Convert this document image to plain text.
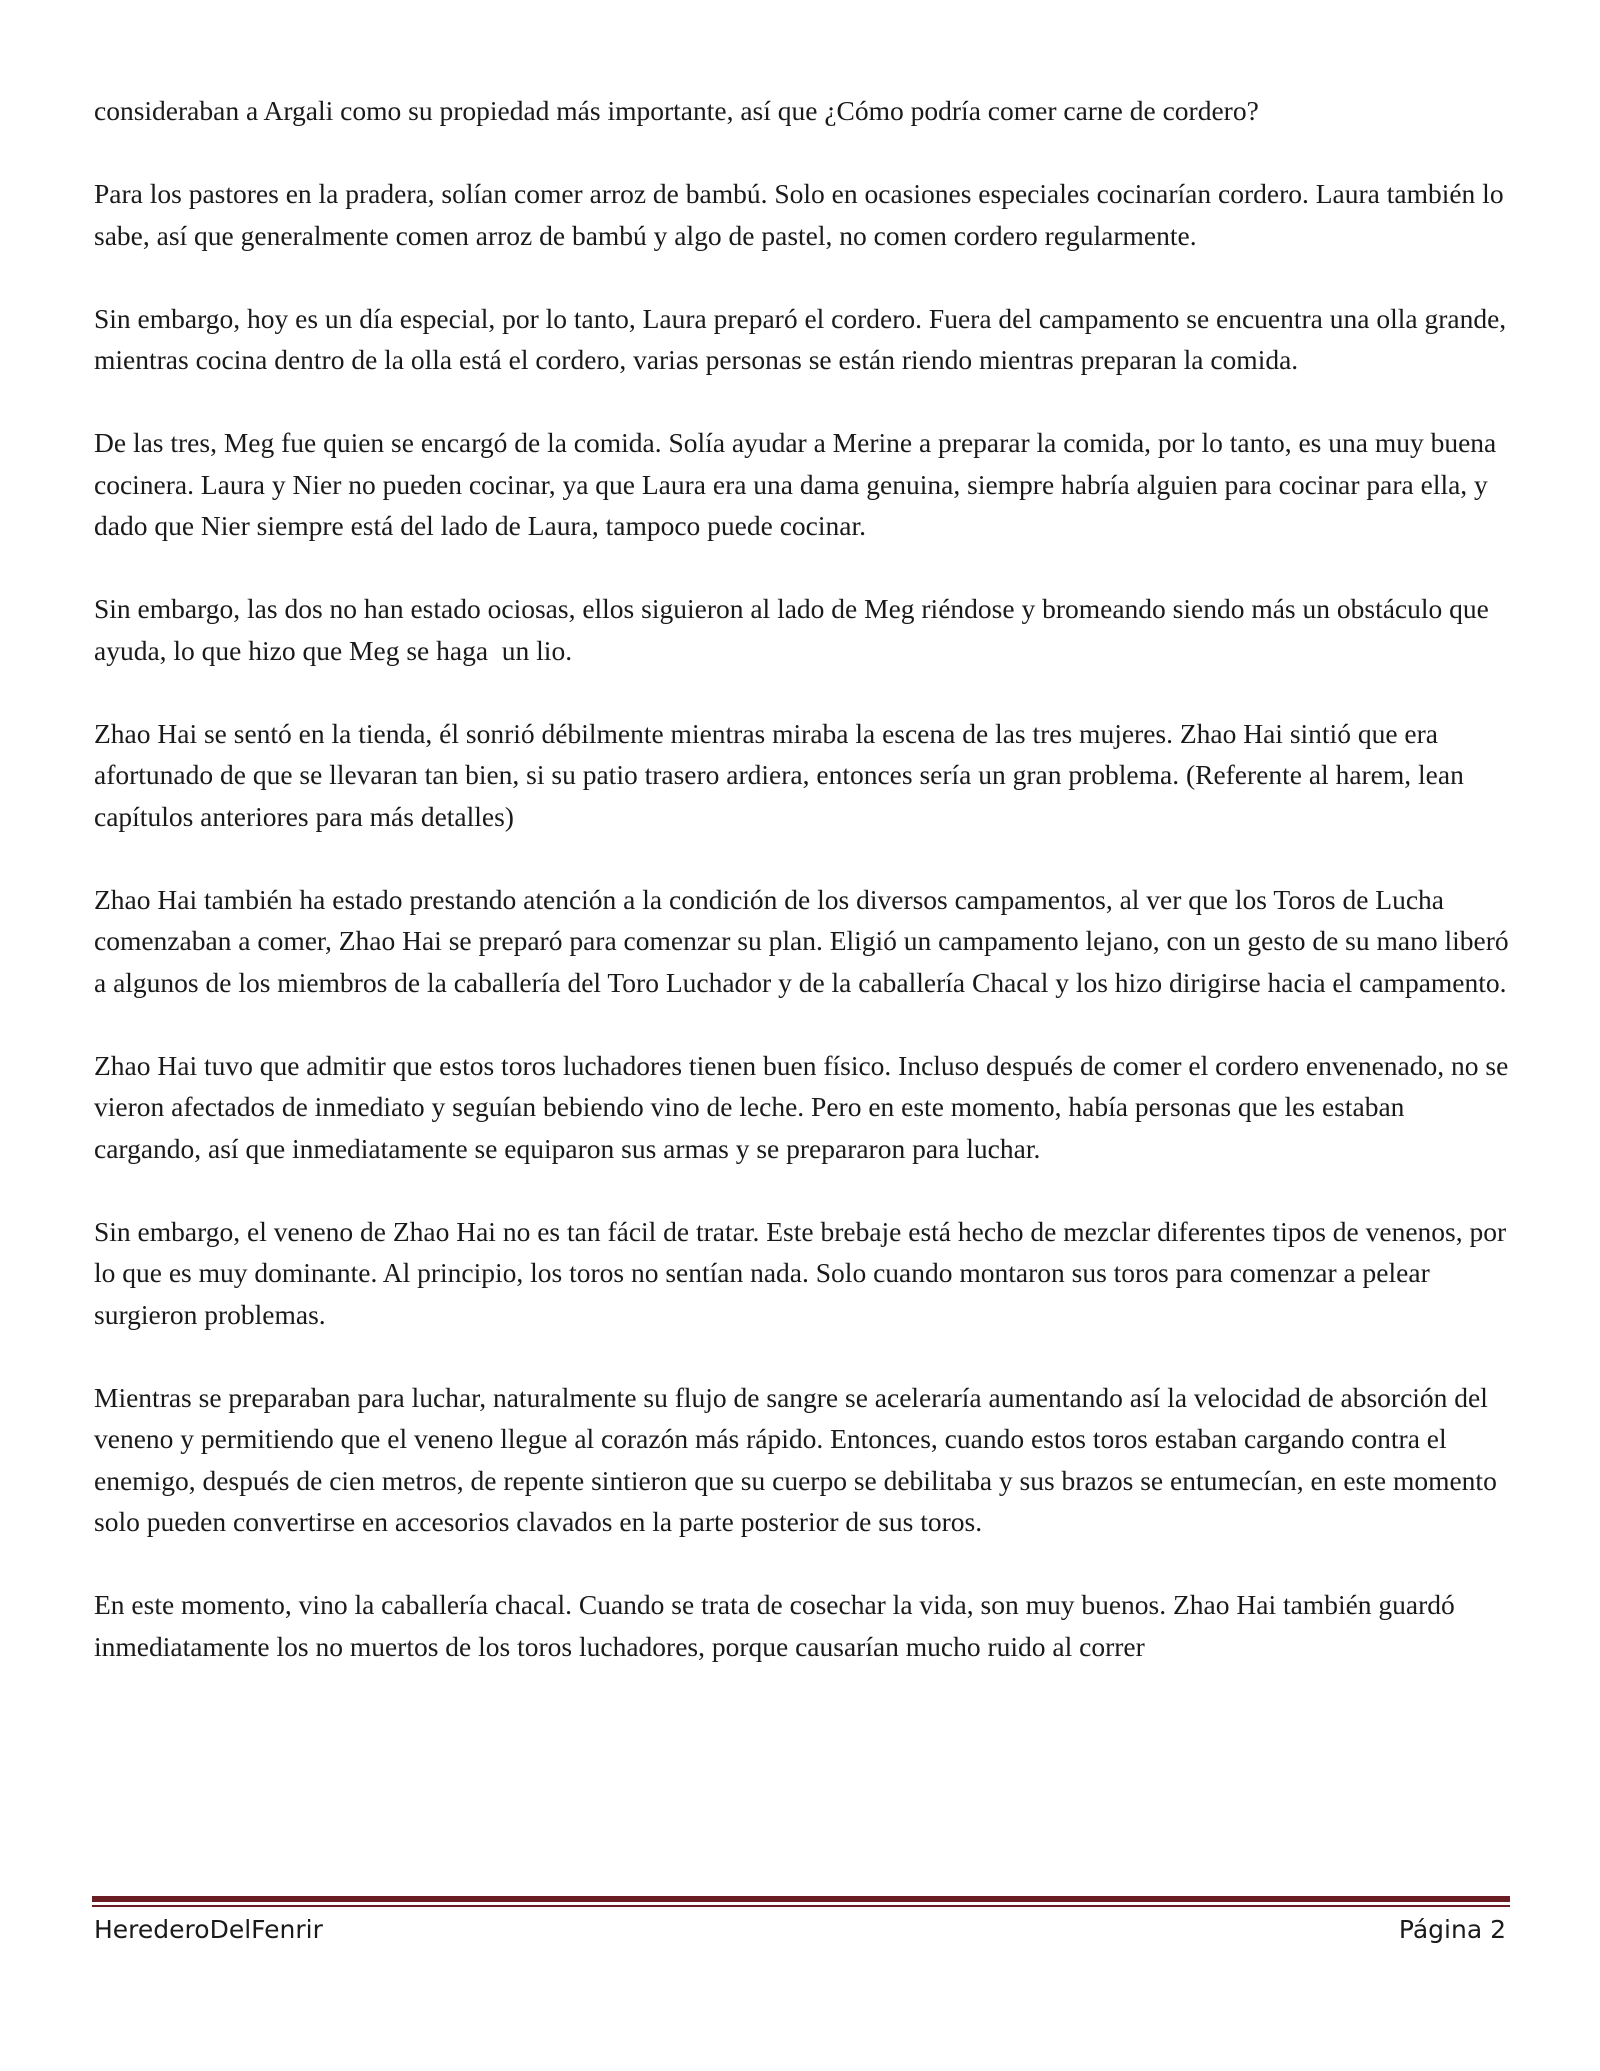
consideraban a Argali como su propiedad más importante, así que ¿Cómo podría comer carne de cordero?

Para los pastores en la pradera, solían comer arroz de bambú. Solo en ocasiones especiales cocinarían cordero. Laura también lo sabe, así que generalmente comen arroz de bambú y algo de pastel, no comen cordero regularmente.

Sin embargo, hoy es un día especial, por lo tanto, Laura preparó el cordero. Fuera del campamento se encuentra una olla grande, mientras cocina dentro de la olla está el cordero, varias personas se están riendo mientras preparan la comida.

De las tres, Meg fue quien se encargó de la comida. Solía ayudar a Merine a preparar la comida, por lo tanto, es una muy buena cocinera. Laura y Nier no pueden cocinar, ya que Laura era una dama genuina, siempre habría alguien para cocinar para ella, y dado que Nier siempre está del lado de Laura, tampoco puede cocinar.

Sin embargo, las dos no han estado ociosas, ellos siguieron al lado de Meg riéndose y bromeando siendo más un obstáculo que ayuda, lo que hizo que Meg se haga  un lio.

Zhao Hai se sentó en la tienda, él sonrió débilmente mientras miraba la escena de las tres mujeres. Zhao Hai sintió que era afortunado de que se llevaran tan bien, si su patio trasero ardiera, entonces sería un gran problema. (Referente al harem, lean capítulos anteriores para más detalles)

Zhao Hai también ha estado prestando atención a la condición de los diversos campamentos, al ver que los Toros de Lucha comenzaban a comer, Zhao Hai se preparó para comenzar su plan. Eligió un campamento lejano, con un gesto de su mano liberó a algunos de los miembros de la caballería del Toro Luchador y de la caballería Chacal y los hizo dirigirse hacia el campamento.

Zhao Hai tuvo que admitir que estos toros luchadores tienen buen físico. Incluso después de comer el cordero envenenado, no se vieron afectados de inmediato y seguían bebiendo vino de leche. Pero en este momento, había personas que les estaban cargando, así que inmediatamente se equiparon sus armas y se prepararon para luchar.

Sin embargo, el veneno de Zhao Hai no es tan fácil de tratar. Este brebaje está hecho de mezclar diferentes tipos de venenos, por lo que es muy dominante. Al principio, los toros no sentían nada. Solo cuando montaron sus toros para comenzar a pelear surgieron problemas.

Mientras se preparaban para luchar, naturalmente su flujo de sangre se aceleraría aumentando así la velocidad de absorción del veneno y permitiendo que el veneno llegue al corazón más rápido. Entonces, cuando estos toros estaban cargando contra el enemigo, después de cien metros, de repente sintieron que su cuerpo se debilitaba y sus brazos se entumecían, en este momento solo pueden convertirse en accesorios clavados en la parte posterior de sus toros.

En este momento, vino la caballería chacal. Cuando se trata de cosechar la vida, son muy buenos. Zhao Hai también guardó inmediatamente los no muertos de los toros luchadores, porque causarían mucho ruido al correr

HerederoDelFenrir	Página 2
